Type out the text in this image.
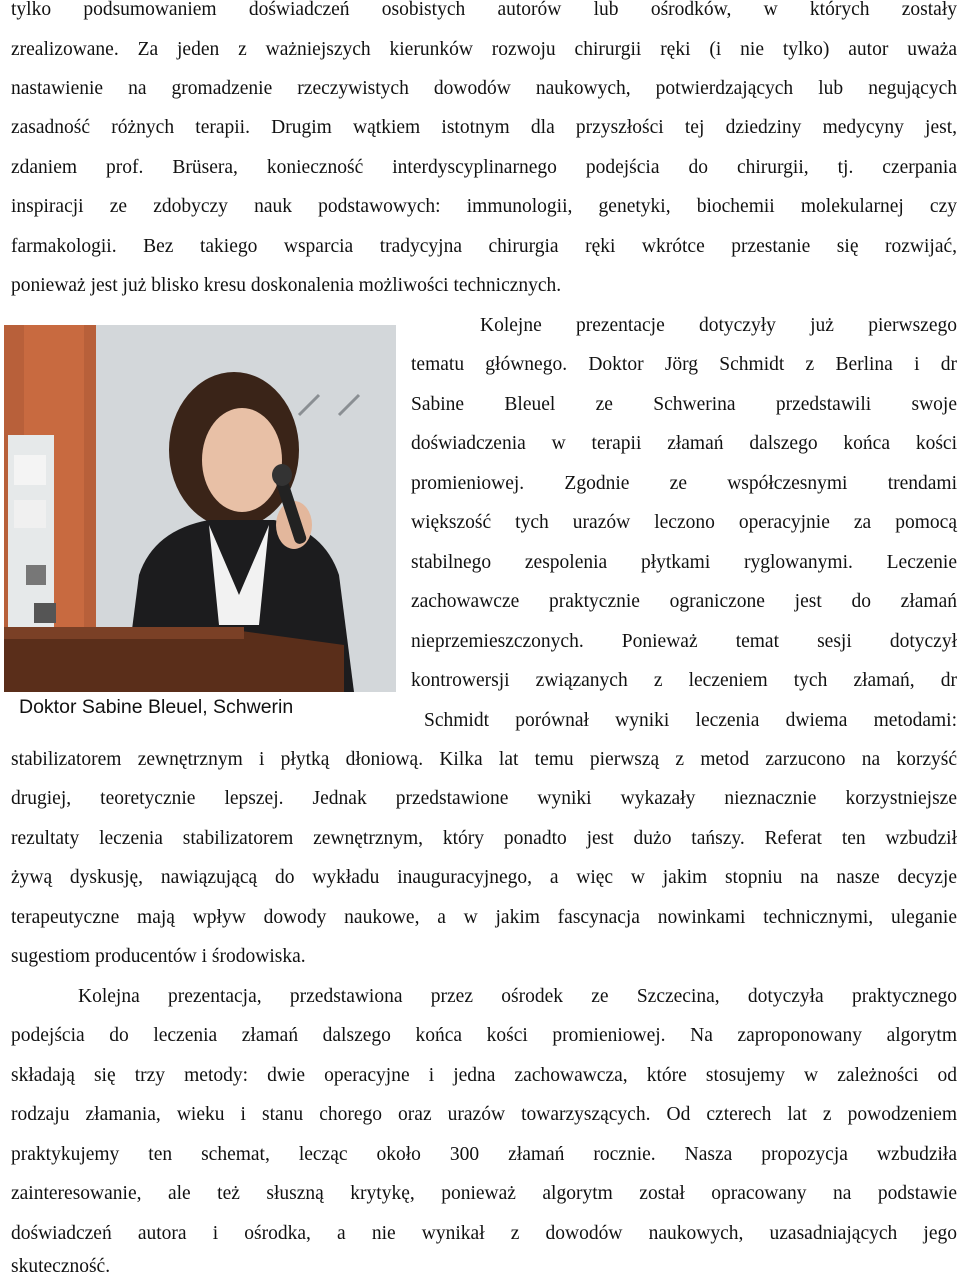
tylko podsumowaniem doświadczeń osobistych autorów lub ośrodków, w których zostały
zrealizowane. Za jeden z ważniejszych kierunków rozwoju chirurgii ręki (i nie tylko) autor uważa
nastawienie na gromadzenie rzeczywistych dowodów naukowych, potwierdzających lub negujących
zasadność różnych terapii. Drugim wątkiem istotnym dla przyszłości tej dziedziny medycyny jest,
zdaniem prof. Brüsera, konieczność interdyscyplinarnego podejścia do chirurgii, tj. czerpania
inspiracji ze zdobyczy nauk podstawowych: immunologii, genetyki, biochemii molekularnej czy
farmakologii. Bez takiego wsparcia tradycyjna chirurgia ręki wkrótce przestanie się rozwijać,
ponieważ jest już blisko kresu doskonalenia możliwości technicznych.
Doktor Sabine Bleuel, Schwerin
Kolejne prezentacje dotyczyły już pierwszego
tematu głównego. Doktor Jörg Schmidt z Berlina i dr
Sabine Bleuel ze Schwerina przedstawili swoje
doświadczenia w terapii złamań dalszego końca kości
promieniowej. Zgodnie ze współczesnymi trendami
większość tych urazów leczono operacyjnie za pomocą
stabilnego zespolenia płytkami ryglowanymi. Leczenie
zachowawcze praktycznie ograniczone jest do złamań
nieprzemieszczonych. Ponieważ temat sesji dotyczył
kontrowersji związanych z leczeniem tych złamań, dr
Schmidt porównał wyniki leczenia dwiema metodami:
stabilizatorem zewnętrznym i płytką dłoniową. Kilka lat temu pierwszą z metod zarzucono na korzyść
drugiej, teoretycznie lepszej. Jednak przedstawione wyniki wykazały nieznacznie korzystniejsze
rezultaty leczenia stabilizatorem zewnętrznym, który ponadto jest dużo tańszy. Referat ten wzbudził
żywą dyskusję, nawiązującą do wykładu inauguracyjnego, a więc w jakim stopniu na nasze decyzje
terapeutyczne mają wpływ dowody naukowe, a w jakim fascynacja nowinkami technicznymi, uleganie
sugestiom producentów i środowiska.
Kolejna prezentacja, przedstawiona przez ośrodek ze Szczecina, dotyczyła praktycznego
podejścia do leczenia złamań dalszego końca kości promieniowej. Na zaproponowany algorytm
składają się trzy metody: dwie operacyjne i jedna zachowawcza, które stosujemy w zależności od
rodzaju złamania, wieku i stanu chorego oraz urazów towarzyszących. Od czterech lat z powodzeniem
praktykujemy ten schemat, lecząc około 300 złamań rocznie. Nasza propozycja wzbudziła
zainteresowanie, ale też słuszną krytykę, ponieważ algorytm został opracowany na podstawie
doświadczeń autora i ośrodka, a nie wynikał z dowodów naukowych, uzasadniających jego
skuteczność.
